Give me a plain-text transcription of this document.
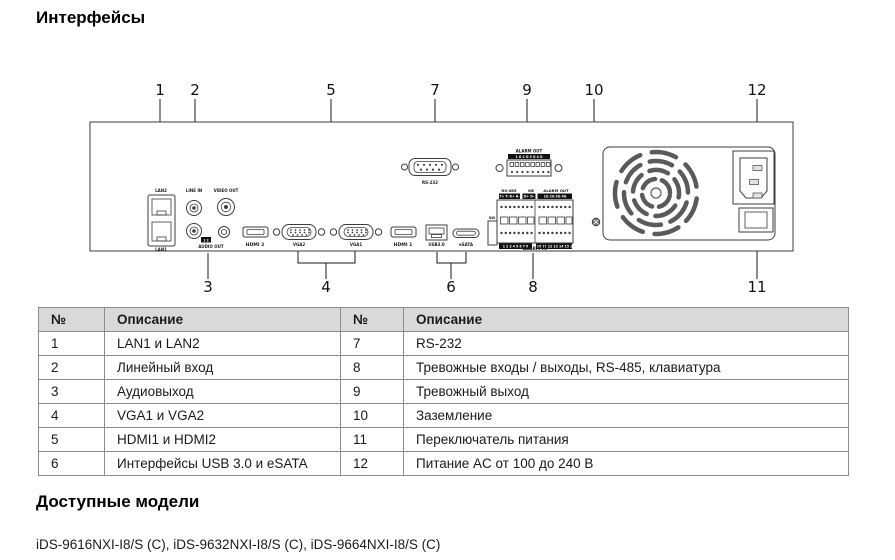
Интерфейсы
1 2	5	7	9	10	12
3	4	6	8	11
LAN2
LAN1
LINE IN	VIDEO OUT
1 2
AUDIO OUT	HDMI 2	VGA2	VGA1	HDMI 1	USB3.0	eSATA
RS-232
ALARM OUT
1 G 2 G 3 G 4 G
SW
RS-485	KB ALARM OUT
T+ T- R+ R- D+ D-	1G 2G 3G 4G
1 2 3 4 5 6 7 8 9 10 11 12 13 14 15 16
ALARM IN
№	Описание	№	Описание
1	LAN1 и LAN2	7	RS-232
2	Линейный вход	8	Тревожные входы / выходы, RS-485, клавиатура
3	Аудиовыход	9	Тревожный выход
4	VGA1 и VGA2	10	Заземление
5	HDMI1 и HDMI2	11	Переключатель питания
6	Интерфейсы USB 3.0 и eSATA	12	Питание AC от 100 до 240 В
Доступные модели
iDS-9616NXI-I8/S (C), iDS-9632NXI-I8/S (C), iDS-9664NXI-I8/S (C)
